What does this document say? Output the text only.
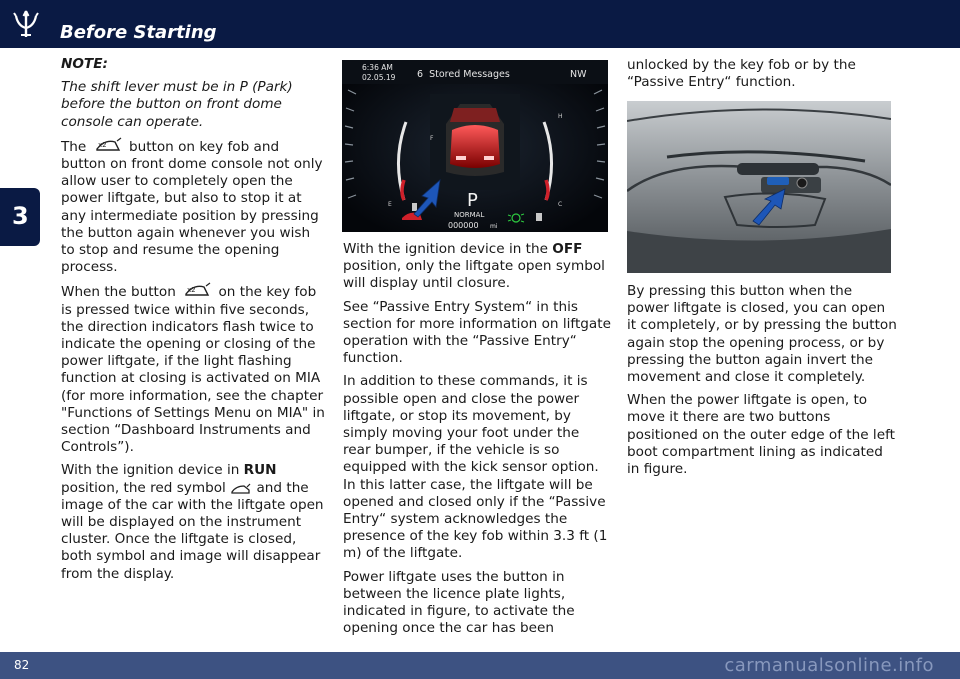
Before Starting
3

NOTE:

The shift lever must be in P (Park) before the button on front dome console can operate.

The x2 button on key fob and button on front dome console not only allow user to completely open the power liftgate, but also to stop it at any intermediate position by pressing the button again whenever you wish to stop and resume the opening process.

When the button x2 on the key fob is pressed twice within five seconds, the direction indicators flash twice to indicate the opening or closing of the power liftgate, if the light flashing function at closing is activated on MIA (for more information, see the chapter "Functions of Settings Menu on MIA" in section “Dashboard Instruments and Controls”).

With the ignition device in RUN position, the red symbol and the image of the car with the liftgate open will be displayed on the instrument cluster. Once the liftgate is closed, both symbol and image will disappear from the display.

6:36 AM
02.05.19 6  Stored Messages	NW
F
E
H
C
P
NORMAL
000000 mi

With the ignition device in the OFF position, only the liftgate open symbol will display until closure.

See “Passive Entry System“ in this section for more information on liftgate operation with the “Passive Entry“ function.

In addition to these commands, it is possible open and close the power liftgate, or stop its movement, by simply moving your foot under the rear bumper, if the vehicle is so equipped with the kick sensor option. In this latter case, the liftgate will be opened and closed only if the “Passive Entry“ system acknowledges the presence of the key fob within 3.3 ft (1 m) of the liftgate.

Power liftgate uses the button in between the licence plate lights, indicated in figure, to activate the opening once the car has been

unlocked by the key fob or by the “Passive Entry“ function.

By pressing this button when the power liftgate is closed, you can open it completely, or by pressing the button again stop the opening process, or by pressing the button again invert the movement and close it completely.

When the power liftgate is open, to move it there are two buttons positioned on the outer edge of the left boot compartment lining as indicated in figure.

82	carmanualsonline.info
